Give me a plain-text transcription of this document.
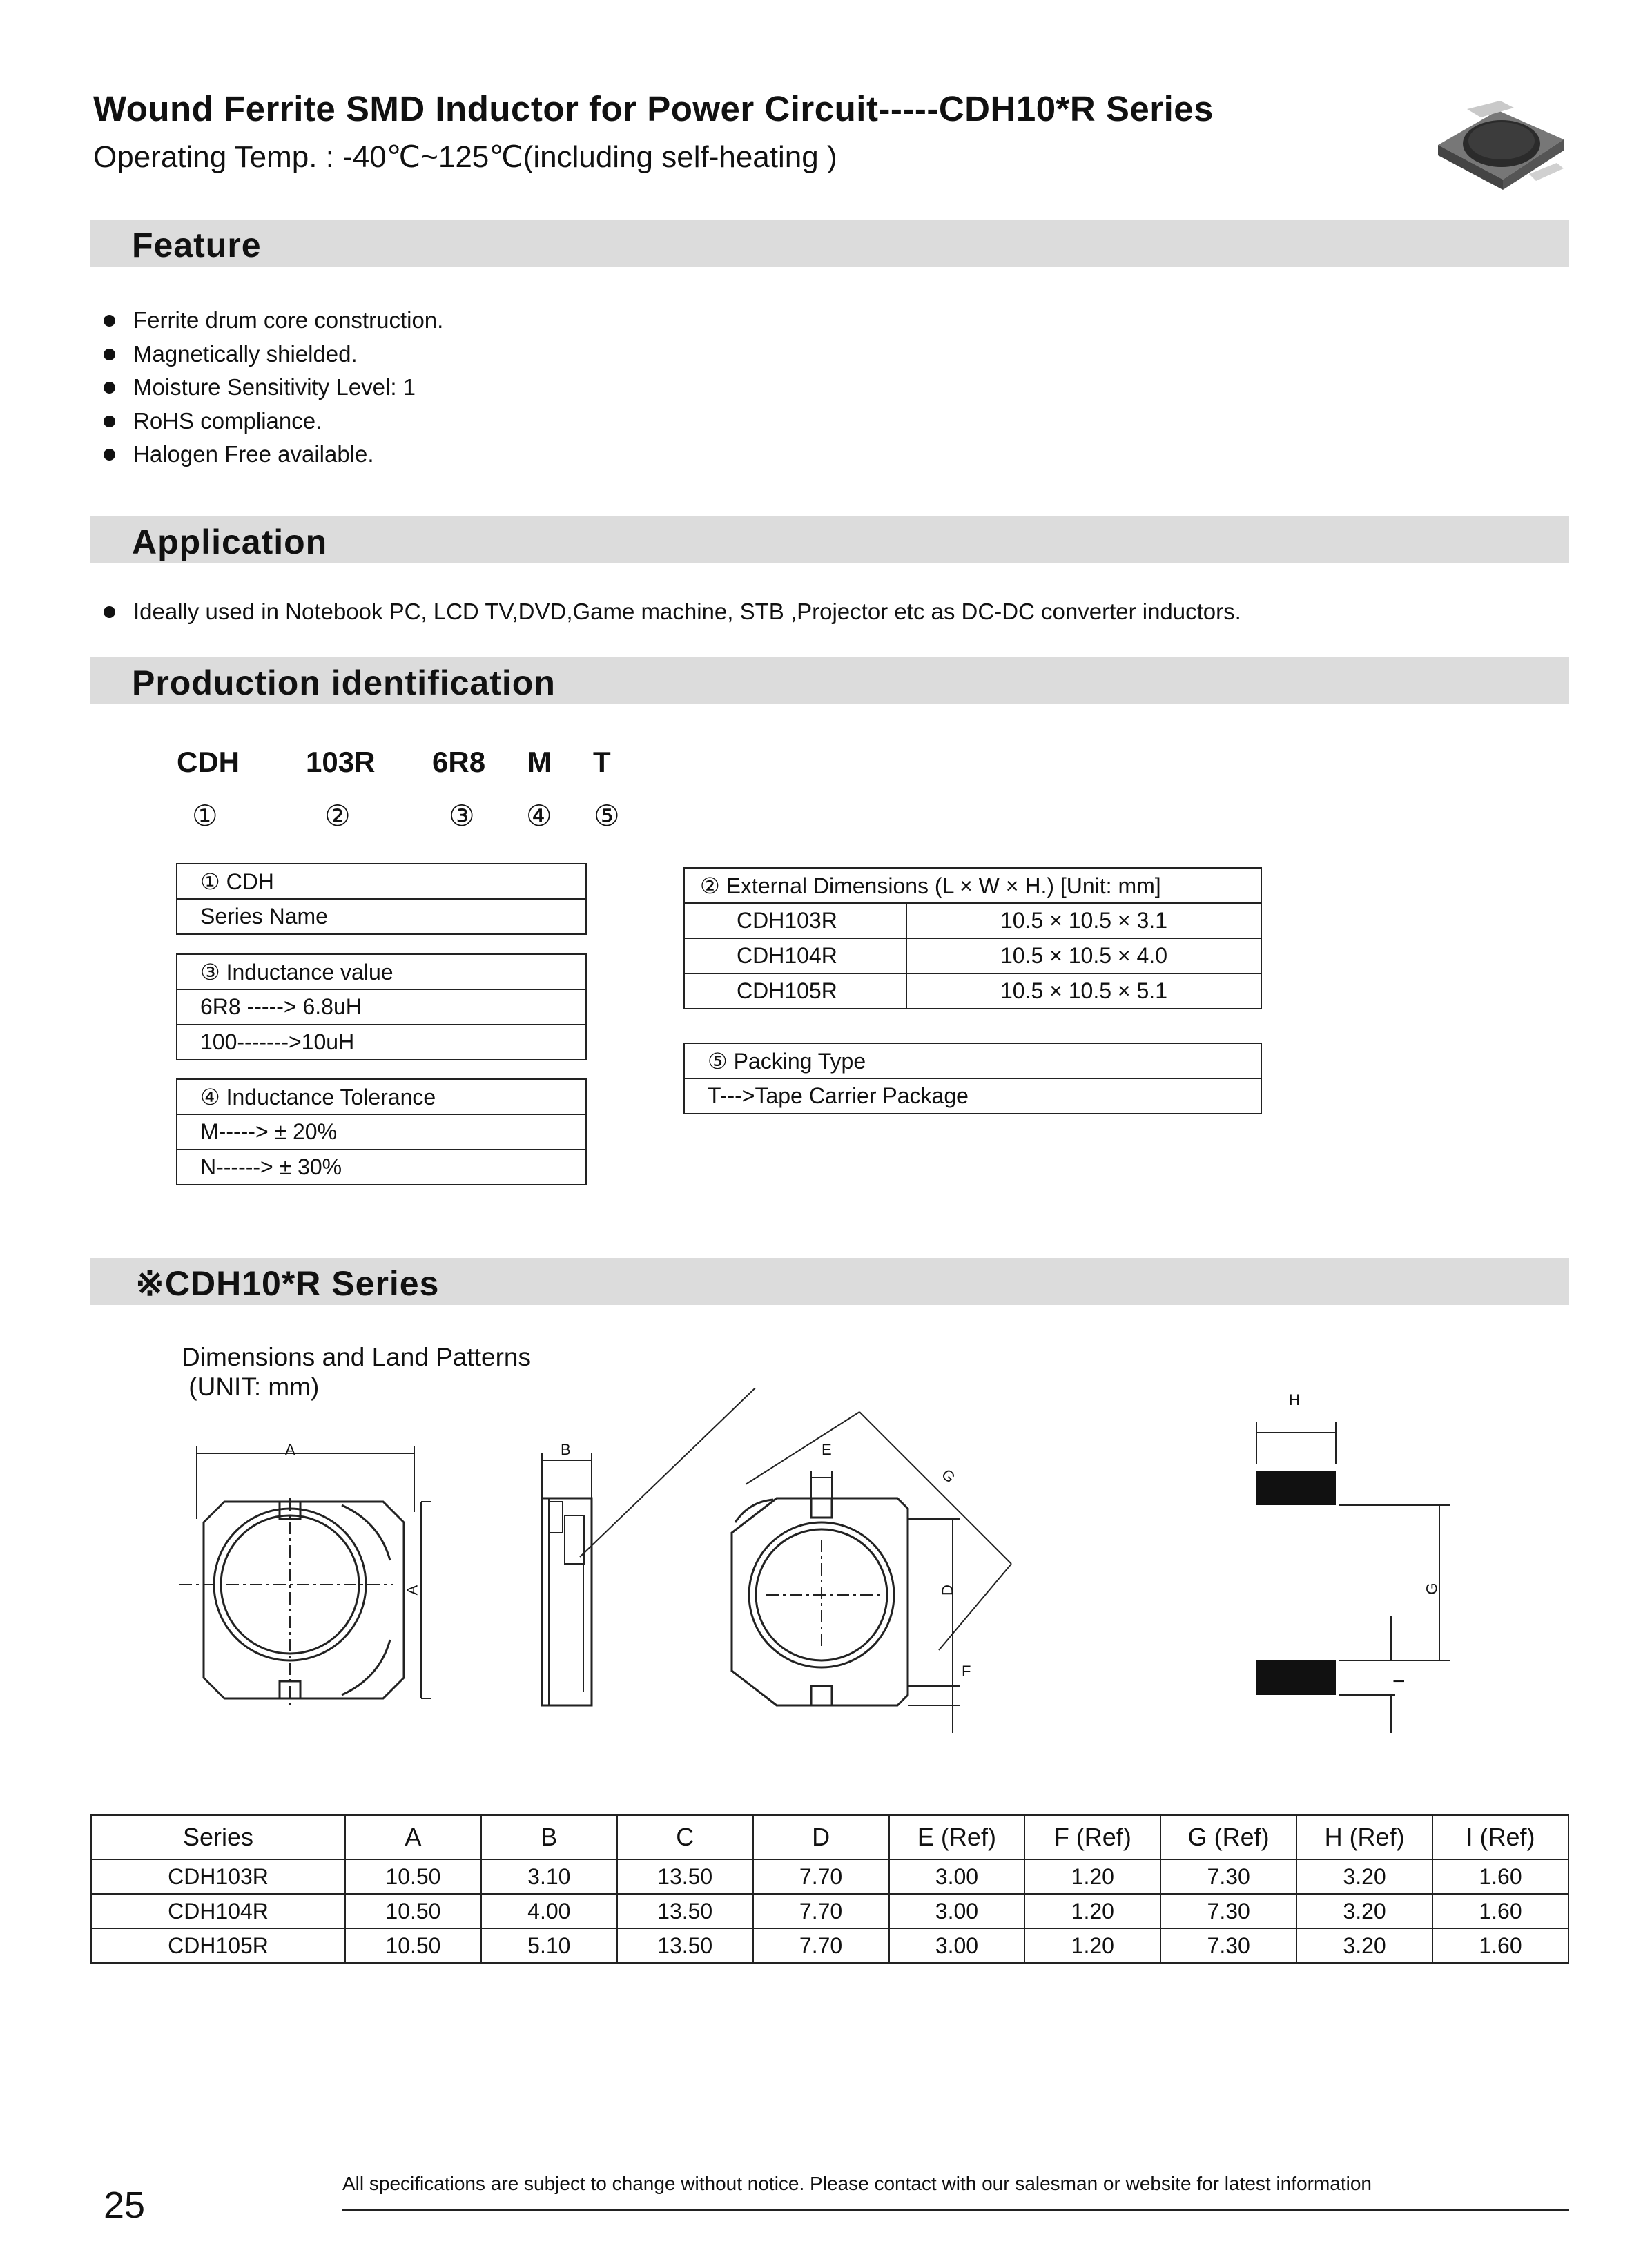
Wound Ferrite SMD Inductor for Power Circuit-----CDH10*R Series
Operating Temp. : -40℃~125℃(including self-heating )
Feature
Ferrite drum core construction.
Magnetically shielded.
Moisture Sensitivity Level: 1
RoHS compliance.
Halogen Free available.
Application
Ideally used in Notebook PC, LCD TV,DVD,Game machine, STB ,Projector etc as DC-DC converter inductors.
Production identification
CDH 103R 6R8 M T
①	②	③ ④ ⑤
① CDH
Series Name
③ Inductance value
6R8 -----> 6.8uH
100------->10uH
④ Inductance Tolerance
M-----> ± 20%
N------> ± 30%
② External Dimensions (L × W × H.) [Unit: mm]	
CDH103R	10.5 × 10.5 × 3.1
CDH104R	10.5 × 10.5 × 4.0
CDH105R	10.5 × 10.5 × 5.1
⑤ Packing Type
T--->Tape Carrier Package
※CDH10*R Series
Dimensions and Land Patterns
(UNIT: mm)
A
A
B	E
G
D
F
H
G
I
Series	A	B	C	D	E (Ref)	F (Ref)	G (Ref)	H (Ref)	I (Ref)
CDH103R	10.50	3.10	13.50	7.70	3.00	1.20	7.30	3.20	1.60
CDH104R	10.50	4.00	13.50	7.70	3.00	1.20	7.30	3.20	1.60
CDH105R	10.50	5.10	13.50	7.70	3.00	1.20	7.30	3.20	1.60
25
All specifications are subject to change without notice. Please contact with our salesman or website for latest information
